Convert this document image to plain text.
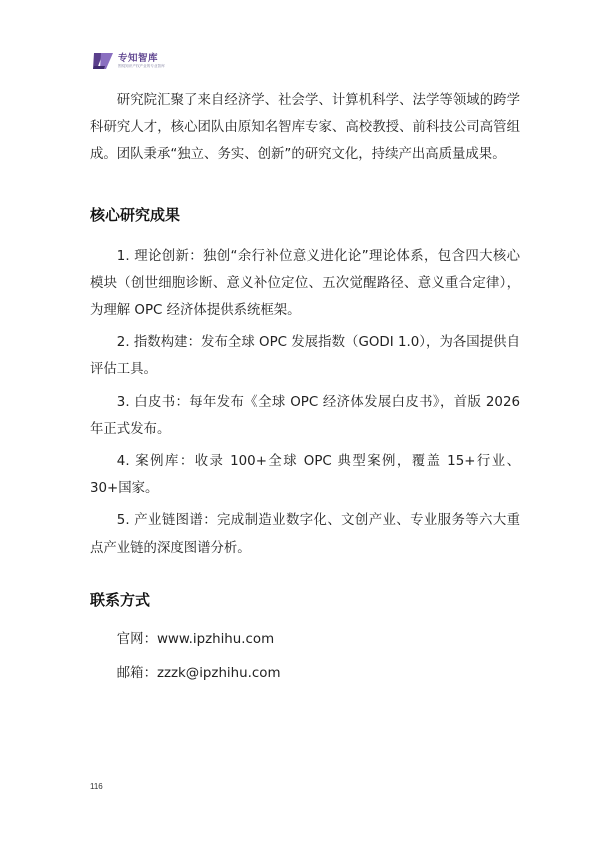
专知智库
围绕知识产权产业的专业智库

研究院汇聚了来自经济学、社会学、计算机科学、法学等领域的跨学科研究人才，核心团队由原知名智库专家、高校教授、前科技公司高管组成。团队秉承“独立、务实、创新”的研究文化，持续产出高质量成果。

核心研究成果

1. 理论创新：独创“余行补位意义进化论”理论体系，包含四大核心模块（创世细胞诊断、意义补位定位、五次觉醒路径、意义重合定律），为理解 OPC 经济体提供系统框架。

2. 指数构建：发布全球 OPC 发展指数（GODI 1.0），为各国提供自评估工具。

3. 白皮书：每年发布《全球 OPC 经济体发展白皮书》，首版 2026 年正式发布。

4. 案例库：收录 100+全球 OPC 典型案例，覆盖 15+行业、30+国家。

5. 产业链图谱：完成制造业数字化、文创产业、专业服务等六大重点产业链的深度图谱分析。

联系方式

官网：www.ipzhihu.com

邮箱：zzzk@ipzhihu.com

116
